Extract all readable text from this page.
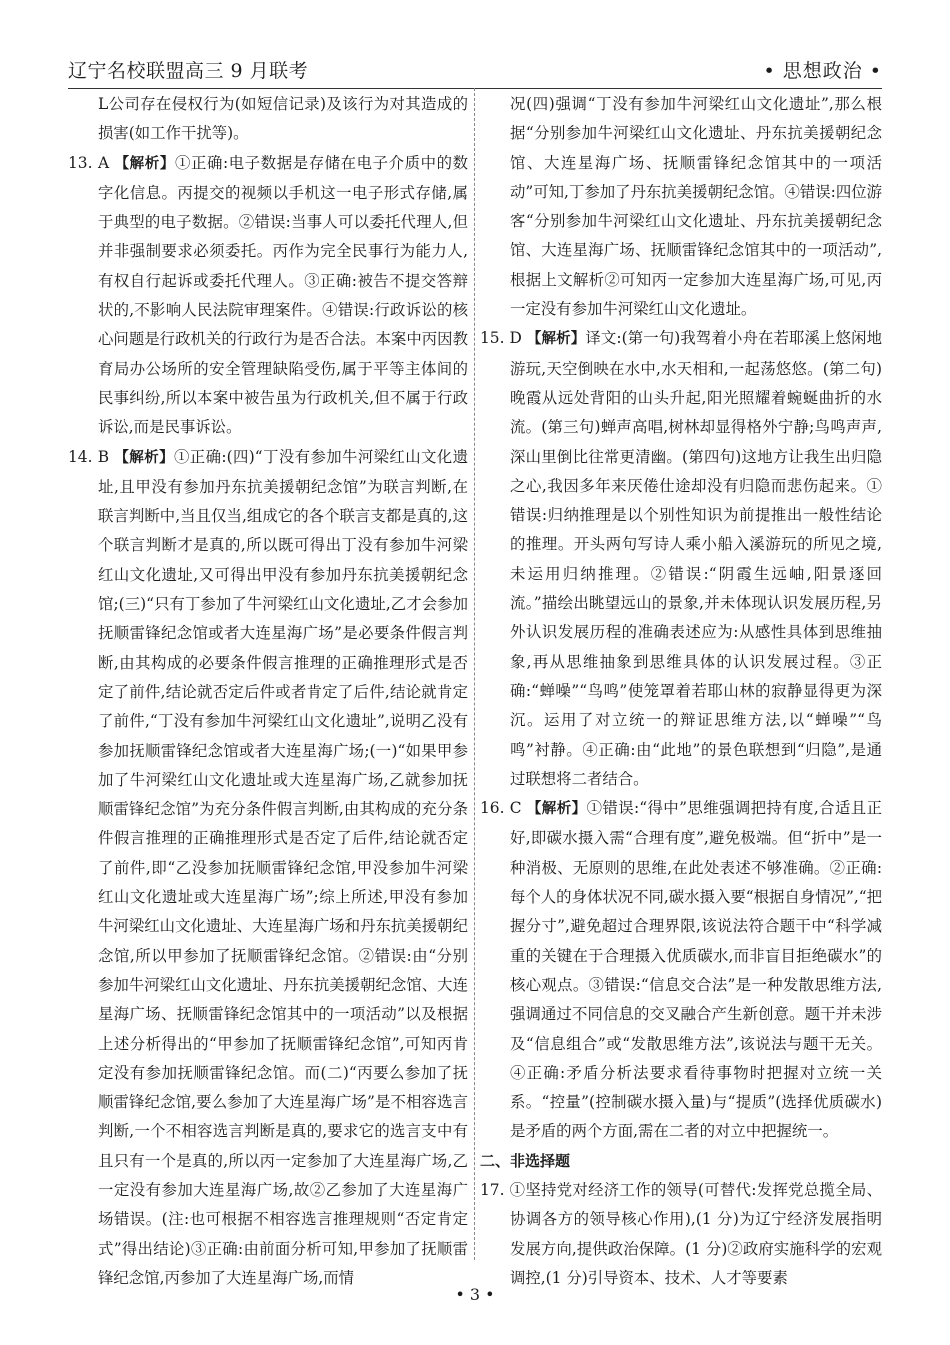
辽宁名校联盟高三 9 月联考	• 思想政治 •

L公司存在侵权行为(如短信记录)及该行为对其造成的损害(如工作干扰等)。

13. A 【解析】①正确:电子数据是存储在电子介质中的数字化信息。丙提交的视频以手机这一电子形式存储,属于典型的电子数据。②错误:当事人可以委托代理人,但并非强制要求必须委托。丙作为完全民事行为能力人,有权自行起诉或委托代理人。③正确:被告不提交答辩状的,不影响人民法院审理案件。④错误:行政诉讼的核心问题是行政机关的行政行为是否合法。本案中丙因教育局办公场所的安全管理缺陷受伤,属于平等主体间的民事纠纷,所以本案中被告虽为行政机关,但不属于行政诉讼,而是民事诉讼。

14. B 【解析】①正确:(四)“丁没有参加牛河梁红山文化遗址,且甲没有参加丹东抗美援朝纪念馆”为联言判断,在联言判断中,当且仅当,组成它的各个联言支都是真的,这个联言判断才是真的,所以既可得出丁没有参加牛河梁红山文化遗址,又可得出甲没有参加丹东抗美援朝纪念馆;(三)“只有丁参加了牛河梁红山文化遗址,乙才会参加抚顺雷锋纪念馆或者大连星海广场”是必要条件假言判断,由其构成的必要条件假言推理的正确推理形式是否定了前件,结论就否定后件或者肯定了后件,结论就肯定了前件,“丁没有参加牛河梁红山文化遗址”,说明乙没有参加抚顺雷锋纪念馆或者大连星海广场;(一)“如果甲参加了牛河梁红山文化遗址或大连星海广场,乙就参加抚顺雷锋纪念馆”为充分条件假言判断,由其构成的充分条件假言推理的正确推理形式是否定了后件,结论就否定了前件,即“乙没参加抚顺雷锋纪念馆,甲没参加牛河梁红山文化遗址或大连星海广场”;综上所述,甲没有参加牛河梁红山文化遗址、大连星海广场和丹东抗美援朝纪念馆,所以甲参加了抚顺雷锋纪念馆。②错误:由“分别参加牛河梁红山文化遗址、丹东抗美援朝纪念馆、大连星海广场、抚顺雷锋纪念馆其中的一项活动”以及根据上述分析得出的“甲参加了抚顺雷锋纪念馆”,可知丙肯定没有参加抚顺雷锋纪念馆。而(二)“丙要么参加了抚顺雷锋纪念馆,要么参加了大连星海广场”是不相容选言判断,一个不相容选言判断是真的,要求它的选言支中有且只有一个是真的,所以丙一定参加了大连星海广场,乙一定没有参加大连星海广场,故②乙参加了大连星海广场错误。(注:也可根据不相容选言推理规则“否定肯定式”得出结论)③正确:由前面分析可知,甲参加了抚顺雷锋纪念馆,丙参加了大连星海广场,而情

况(四)强调“丁没有参加牛河梁红山文化遗址”,那么根据“分别参加牛河梁红山文化遗址、丹东抗美援朝纪念馆、大连星海广场、抚顺雷锋纪念馆其中的一项活动”可知,丁参加了丹东抗美援朝纪念馆。④错误:四位游客“分别参加牛河梁红山文化遗址、丹东抗美援朝纪念馆、大连星海广场、抚顺雷锋纪念馆其中的一项活动”,根据上文解析②可知丙一定参加大连星海广场,可见,丙一定没有参加牛河梁红山文化遗址。

15. D 【解析】译文:(第一句)我驾着小舟在若耶溪上悠闲地游玩,天空倒映在水中,水天相和,一起荡悠悠。(第二句)晚霞从远处背阳的山头升起,阳光照耀着蜿蜒曲折的水流。(第三句)蝉声高唱,树林却显得格外宁静;鸟鸣声声,深山里倒比往常更清幽。(第四句)这地方让我生出归隐之心,我因多年来厌倦仕途却没有归隐而悲伤起来。①错误:归纳推理是以个别性知识为前提推出一般性结论的推理。开头两句写诗人乘小船入溪游玩的所见之境,未运用归纳推理。②错误:“阴霞生远岫,阳景逐回流。”描绘出眺望远山的景象,并未体现认识发展历程,另外认识发展历程的准确表述应为:从感性具体到思维抽象,再从思维抽象到思维具体的认识发展过程。③正确:“蝉噪”“鸟鸣”使笼罩着若耶山林的寂静显得更为深沉。运用了对立统一的辩证思维方法,以“蝉噪”“鸟鸣”衬静。④正确:由“此地”的景色联想到“归隐”,是通过联想将二者结合。

16. C 【解析】①错误:“得中”思维强调把持有度,合适且正好,即碳水摄入需“合理有度”,避免极端。但“折中”是一种消极、无原则的思维,在此处表述不够准确。②正确:每个人的身体状况不同,碳水摄入要“根据自身情况”,“把握分寸”,避免超过合理界限,该说法符合题干中“科学减重的关键在于合理摄入优质碳水,而非盲目拒绝碳水”的核心观点。③错误:“信息交合法”是一种发散思维方法,强调通过不同信息的交叉融合产生新创意。题干并未涉及“信息组合”或“发散思维方法”,该说法与题干无关。④正确:矛盾分析法要求看待事物时把握对立统一关系。“控量”(控制碳水摄入量)与“提质”(选择优质碳水)是矛盾的两个方面,需在二者的对立中把握统一。

二、非选择题

17. ①坚持党对经济工作的领导(可替代:发挥党总揽全局、协调各方的领导核心作用),(1 分)为辽宁经济发展指明发展方向,提供政治保障。(1 分)②政府实施科学的宏观调控,(1 分)引导资本、技术、人才等要素

• 3 •
